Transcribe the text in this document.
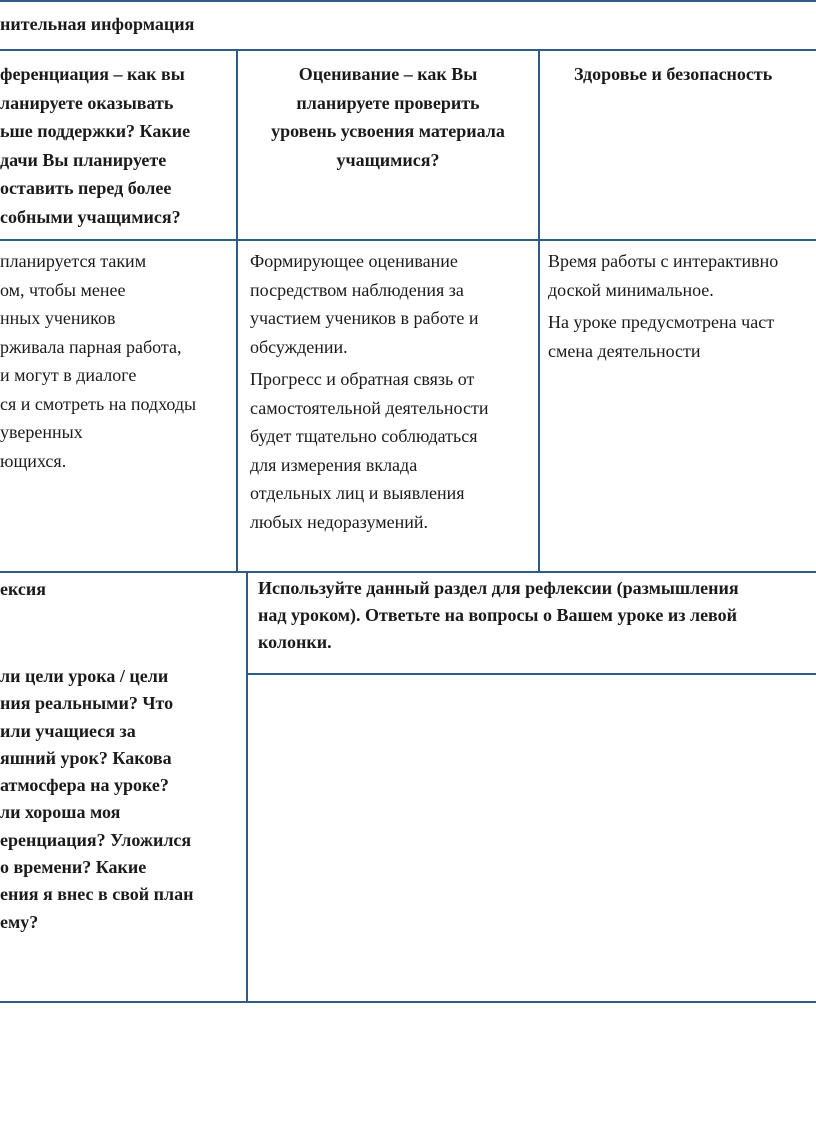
нительная информация
ференциация – как вы
ланируете оказывать
ьше поддержки? Какие
дачи Вы планируете
оставить перед более
собными учащимися?
Оценивание – как Вы
планируете проверить
уровень усвоения материала
учащимися?
Здоровье и безопасность
планируется таким
ом, чтобы менее
нных учеников
рживала парная работа,
и могут в диалоге
ся и смотреть на подходы
уверенных
ющихся.

Формирующее оценивание
посредством наблюдения за
участием учеников в работе и
обсуждении.

Прогресс и обратная связь от
самостоятельной деятельности
будет тщательно соблюдаться
для измерения вклада
отдельных лиц и выявления
любых недоразумений.

Время работы с интерактивно
доской минимальное.

На уроке предусмотрена част
смена деятельности

ексия
ли цели урока / цели
ния реальными? Что
или учащиеся за
яшний урок? Какова
атмосфера на уроке?
ли хороша моя
еренциация? Уложился
о времени? Какие
ения я внес в свой план
ему?
Используйте данный раздел для рефлексии (размышления
над уроком). Ответьте на вопросы о Вашем уроке из левой
колонки.
